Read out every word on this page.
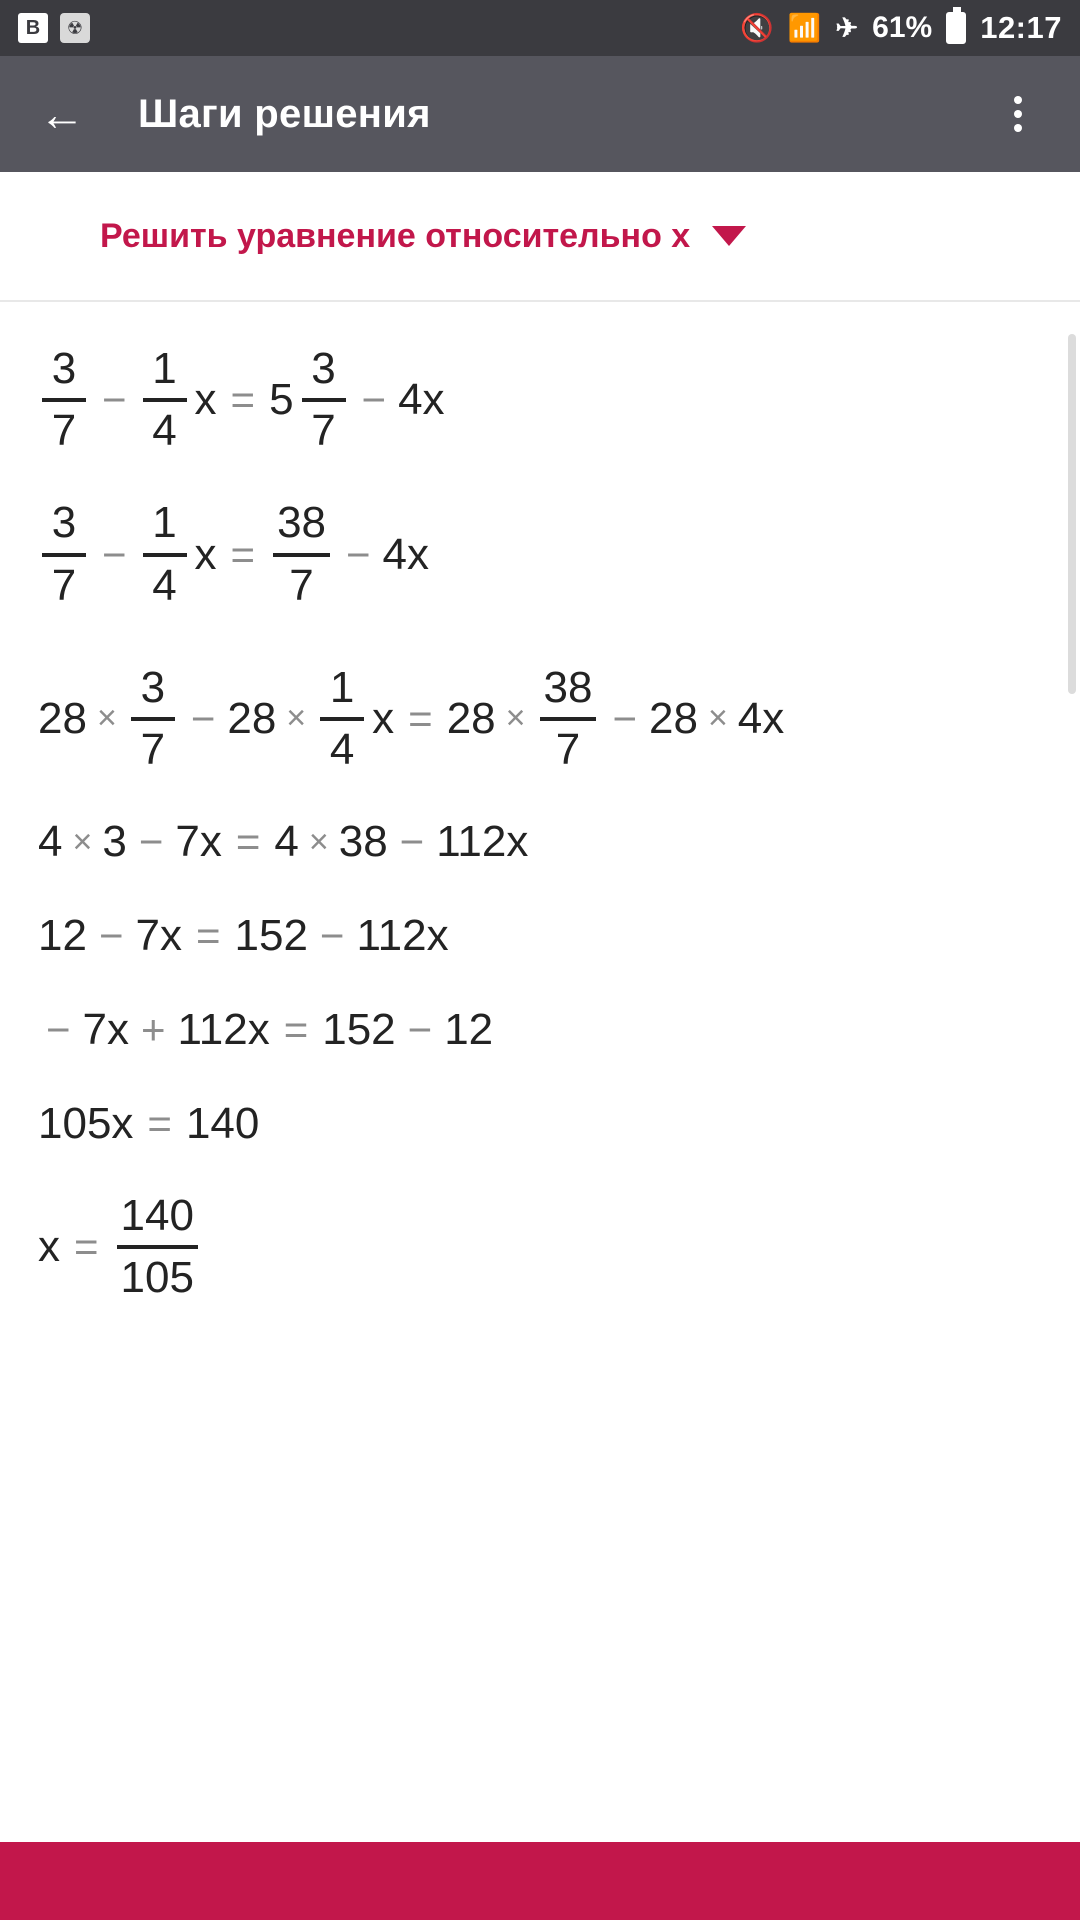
В	☢	🔇 📶 ✈ 61% 12:17
← Шаги решения
Решить уравнение относительно x
$\frac{3}{7} - \frac{1}{4}$ $x = 5 \frac{3}{7} - 4x$
$\frac{3}{7} - \frac{1}{4}$ $x = \frac{38}{7} - 4x$
$28 \times \frac{3}{7} - 28 \times \frac{1}{4}$ $x = 28 \times \frac{38}{7} - 28 \times 4x$
4 × 3 − 7x = 4 × 38 − 112x
12 − 7x = 152 − 112x
− 7x + 112x = 152 − 12
105x = 140
$x = \frac{140}{105}$
